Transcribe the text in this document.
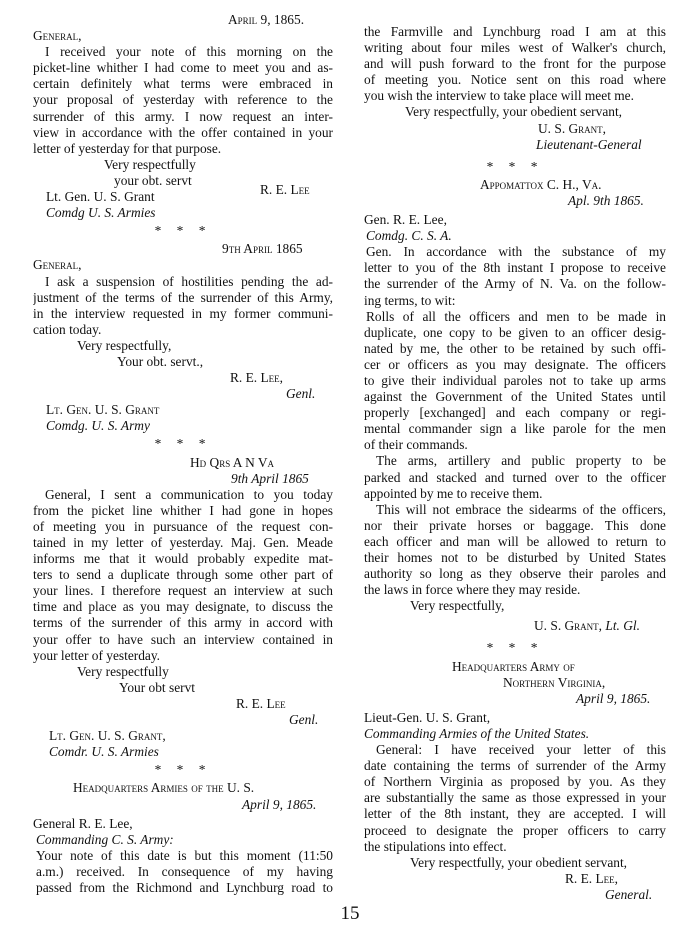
April 9, 1865.
General,
I received your note of this morning on the
picket-line whither I had come to meet you and as-
certain definitely what terms were embraced in
your proposal of yesterday with reference to the
surrender of this army. I now request an inter-
view in accordance with the offer contained in your
letter of yesterday for that purpose.
Very respectfully
your obt. servt
Lt. Gen. U. S. Grant	R. E. Lee
Comdg U. S. Armies
* * *
9th April 1865
General,
I ask a suspension of hostilities pending the ad-
justment of the terms of the surrender of this Army,
in the interview requested in my former communi-
cation today.
Very respectfully,
Your obt. servt.,
R. E. Lee,
Genl.
Lt. Gen. U. S. Grant
Comdg. U. S. Army
* * *
Hd Qrs A N Va
9th April 1865
General, I sent a communication to you today
from the picket line whither I had gone in hopes
of meeting you in pursuance of the request con-
tained in my letter of yesterday. Maj. Gen. Meade
informs me that it would probably expedite mat-
ters to send a duplicate through some other part of
your lines. I therefore request an interview at such
time and place as you may designate, to discuss the
terms of the surrender of this army in accord with
your offer to have such an interview contained in
your letter of yesterday.
Very respectfully
Your obt servt
R. E. Lee
Genl.
Lt. Gen. U. S. Grant,
Comdr. U. S. Armies
* * *
Headquarters Armies of the U. S.
April 9, 1865.
General R. E. Lee,
Commanding C. S. Army:
Your note of this date is but this moment (11:50
a.m.) received. In consequence of my having
passed from the Richmond and Lynchburg road to
the Farmville and Lynchburg road I am at this
writing about four miles west of Walker's church,
and will push forward to the front for the purpose
of meeting you. Notice sent on this road where
you wish the interview to take place will meet me.
Very respectfully, your obedient servant,
U. S. Grant,
Lieutenant-General
* * *
Appomattox C. H., Va.
Apl. 9th 1865.
Gen. R. E. Lee,
Comdg. C. S. A.
Gen. In accordance with the substance of my
letter to you of the 8th instant I propose to receive
the surrender of the Army of N. Va. on the follow-
ing terms, to wit:
Rolls of all the officers and men to be made in
duplicate, one copy to be given to an officer desig-
nated by me, the other to be retained by such offi-
cer or officers as you may designate. The officers
to give their individual paroles not to take up arms
against the Government of the United States until
properly [exchanged] and each company or regi-
mental commander sign a like parole for the men
of their commands.
The arms, artillery and public property to be
parked and stacked and turned over to the officer
appointed by me to receive them.
This will not embrace the sidearms of the officers,
nor their private horses or baggage. This done
each officer and man will be allowed to return to
their homes not to be disturbed by United States
authority so long as they observe their paroles and
the laws in force where they may reside.
Very respectfully,
U. S. Grant, Lt. Gl.
* * *
Headquarters Army of
Northern Virginia,
April 9, 1865.
Lieut-Gen. U. S. Grant,
Commanding Armies of the United States.
General: I have received your letter of this
date containing the terms of surrender of the Army
of Northern Virginia as proposed by you. As they
are substantially the same as those expressed in your
letter of the 8th instant, they are accepted. I will
proceed to designate the proper officers to carry
the stipulations into effect.
Very respectfully, your obedient servant,
R. E. Lee,
General.
15
